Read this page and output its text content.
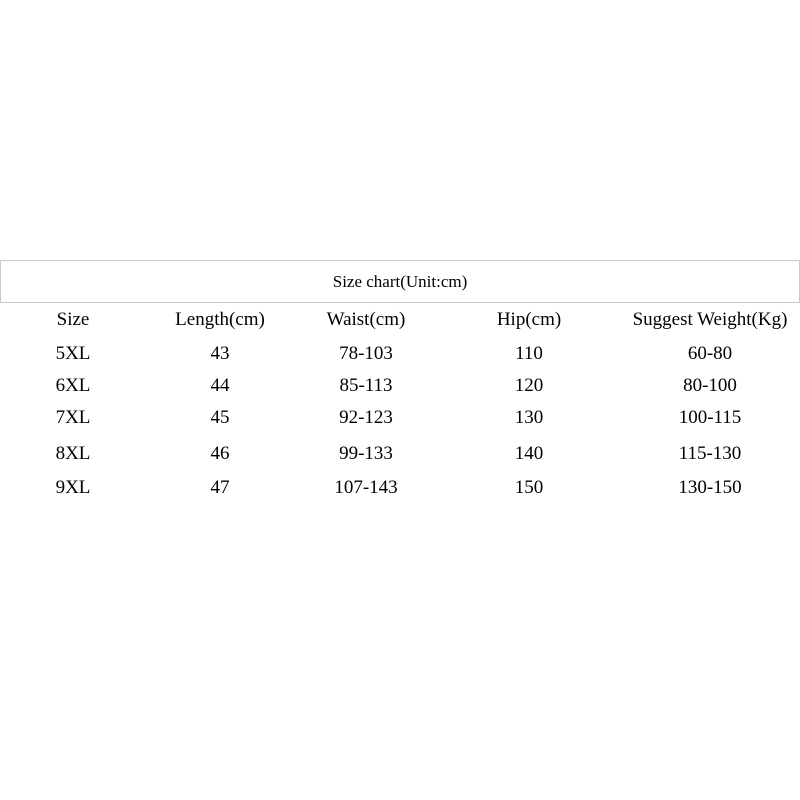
Size chart(Unit:cm)
Size	Length(cm)	Waist(cm)	Hip(cm)	Suggest Weight(Kg)
5XL	43	78-103	110	60-80
6XL	44	85-113	120	80-100
7XL	45	92-123	130	100-115
8XL	46	99-133	140	115-130
9XL	47	107-143	150	130-150
